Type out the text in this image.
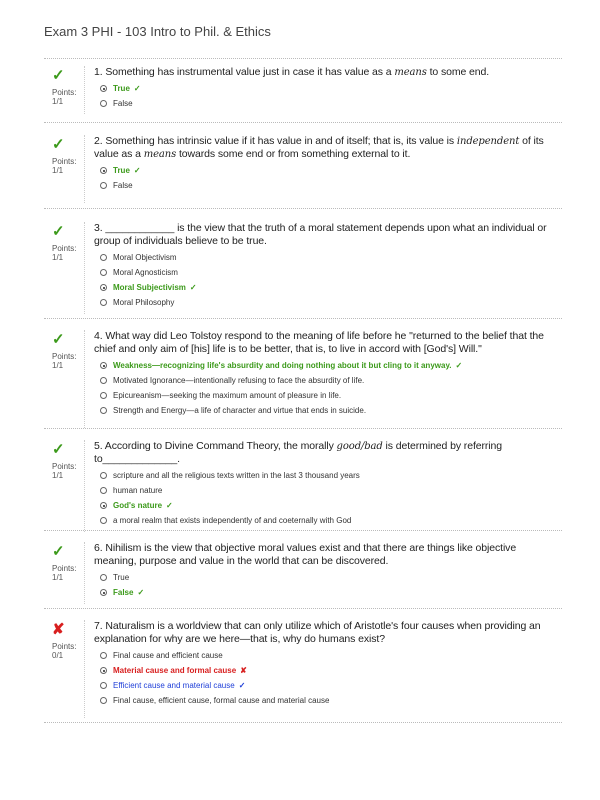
Exam 3 PHI - 103 Intro to Phil. & Ethics
✓
Points:
1/1
1. Something has instrumental value just in case it has value as a means to some end.
True ✓
False
✓
Points:
1/1
2. Something has intrinsic value if it has value in and of itself; that is, its value is independent of its value as a means towards some end or from something external to it.
True ✓
False
✓
Points:
1/1
3. ____________ is the view that the truth of a moral statement depends upon what an individual or group of individuals believe to be true.
Moral Objectivism
Moral Agnosticism
Moral Subjectivism ✓
Moral Philosophy
✓
Points:
1/1
4. What way did Leo Tolstoy respond to the meaning of life before he "returned to the belief that the chief and only aim of [his] life is to be better, that is, to live in accord with [God's] Will."
Weakness—recognizing life's absurdity and doing nothing about it but cling to it anyway. ✓
Motivated Ignorance—intentionally refusing to face the absurdity of life.
Epicureanism—seeking the maximum amount of pleasure in life.
Strength and Energy—a life of character and virtue that ends in suicide.
✓
Points:
1/1
5. According to Divine Command Theory, the morally good/bad is determined by referring to_____________.
scripture and all the religious texts written in the last 3 thousand years
human nature
God's nature ✓
a moral realm that exists independently of and coeternally with God
✓
Points:
1/1
6. Nihilism is the view that objective moral values exist and that there are things like objective meaning, purpose and value in the world that can be discovered.
True
False ✓
✘
Points:
0/1
7. Naturalism is a worldview that can only utilize which of Aristotle's four causes when providing an explanation for why are we here—that is, why do humans exist?
Final cause and efficient cause
Material cause and formal cause ✘
Efficient cause and material cause ✓
Final cause, efficient cause, formal cause and material cause
